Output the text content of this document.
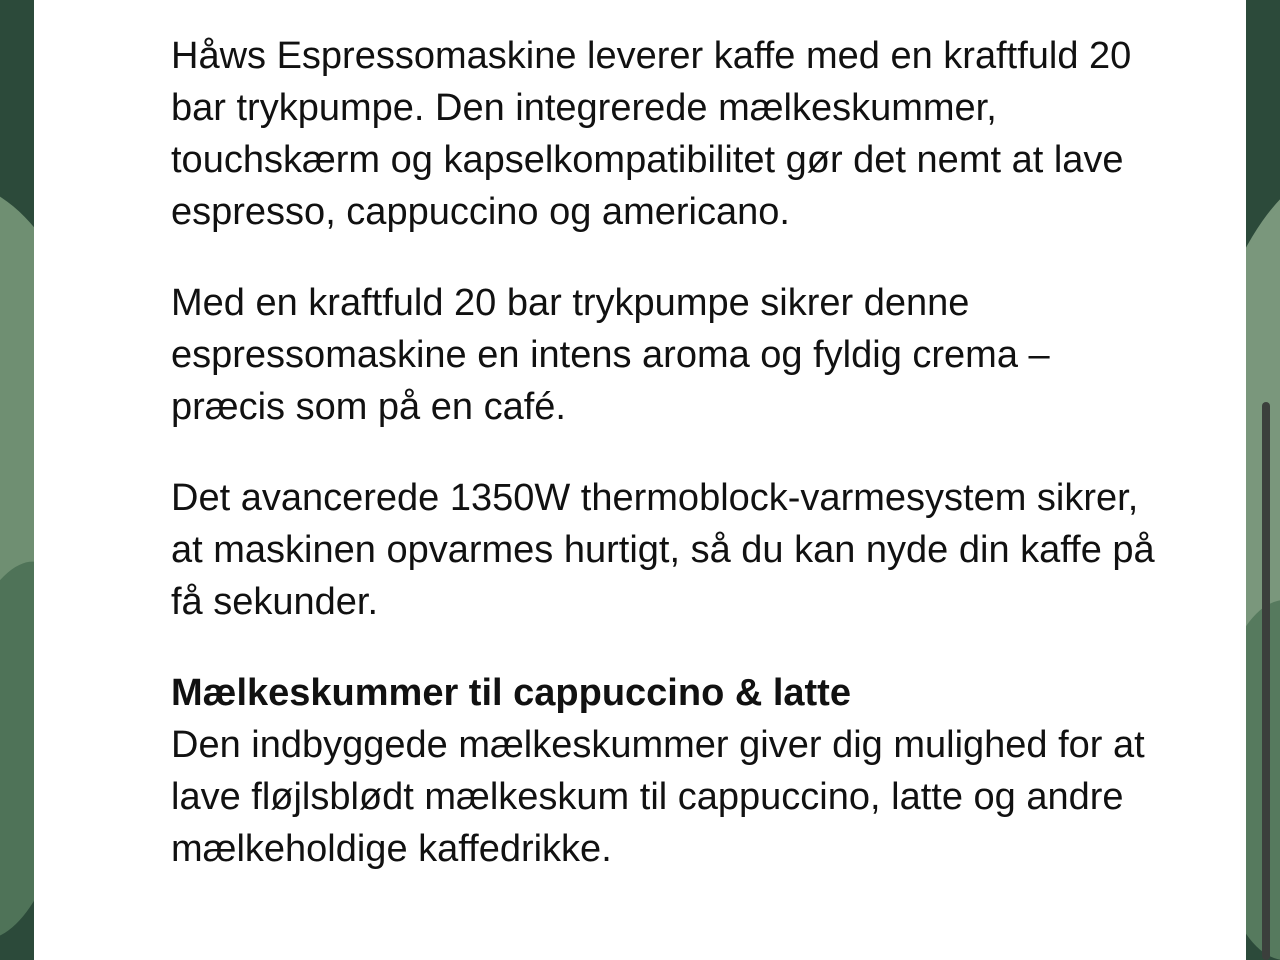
Håws Espressomaskine leverer kaffe med en kraftfuld 20 bar trykpumpe. Den integrerede mælkeskummer, touchskærm og kapselkompatibilitet gør det nemt at lave espresso, cappuccino og americano.

Med en kraftfuld 20 bar trykpumpe sikrer denne espressomaskine en intens aroma og fyldig crema – præcis som på en café.

Det avancerede 1350W thermoblock-varmesystem sikrer, at maskinen opvarmes hurtigt, så du kan nyde din kaffe på få sekunder.

Mælkeskummer til cappuccino & latte

Den indbyggede mælkeskummer giver dig mulighed for at lave fløjlsblødt mælkeskum til cappuccino, latte og andre mælkeholdige kaffedrikke.
